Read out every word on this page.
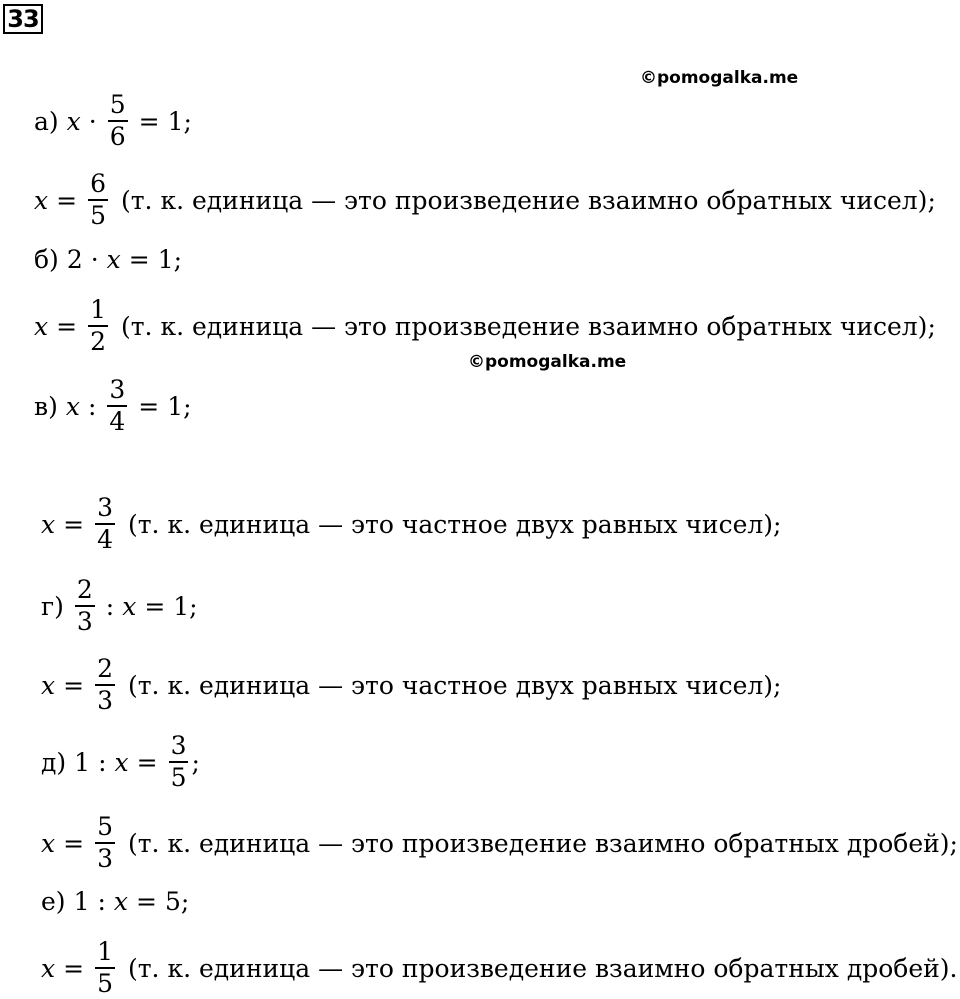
33
©pomogalka.me
©pomogalka.me
а) $x \cdot \frac{5}{6} = 1$;
$x = \frac{6}{5} (т$. к. единица — это произведение взаимно обратных чисел);
б) 2 · x = 1;
$x = \frac{1}{2} (т$. к. единица — это произведение взаимно обратных чисел);
в) x : $\frac{3}{4} = 1$;
$x = \frac{3}{4} (т$. к. единица — это частное двух равных чисел);
$г) \frac{2}{3}$ : x = 1;
$x = \frac{2}{3} (т$. к. единица — это частное двух равных чисел);
д) 1 : $x = \frac{3}{5}$ ;
$x = \frac{5}{3} (т$. к. единица — это произведение взаимно обратных дробей);
е) 1 : x = 5;
$x = \frac{1}{5} (т$. к. единица — это произведение взаимно обратных дробей).
